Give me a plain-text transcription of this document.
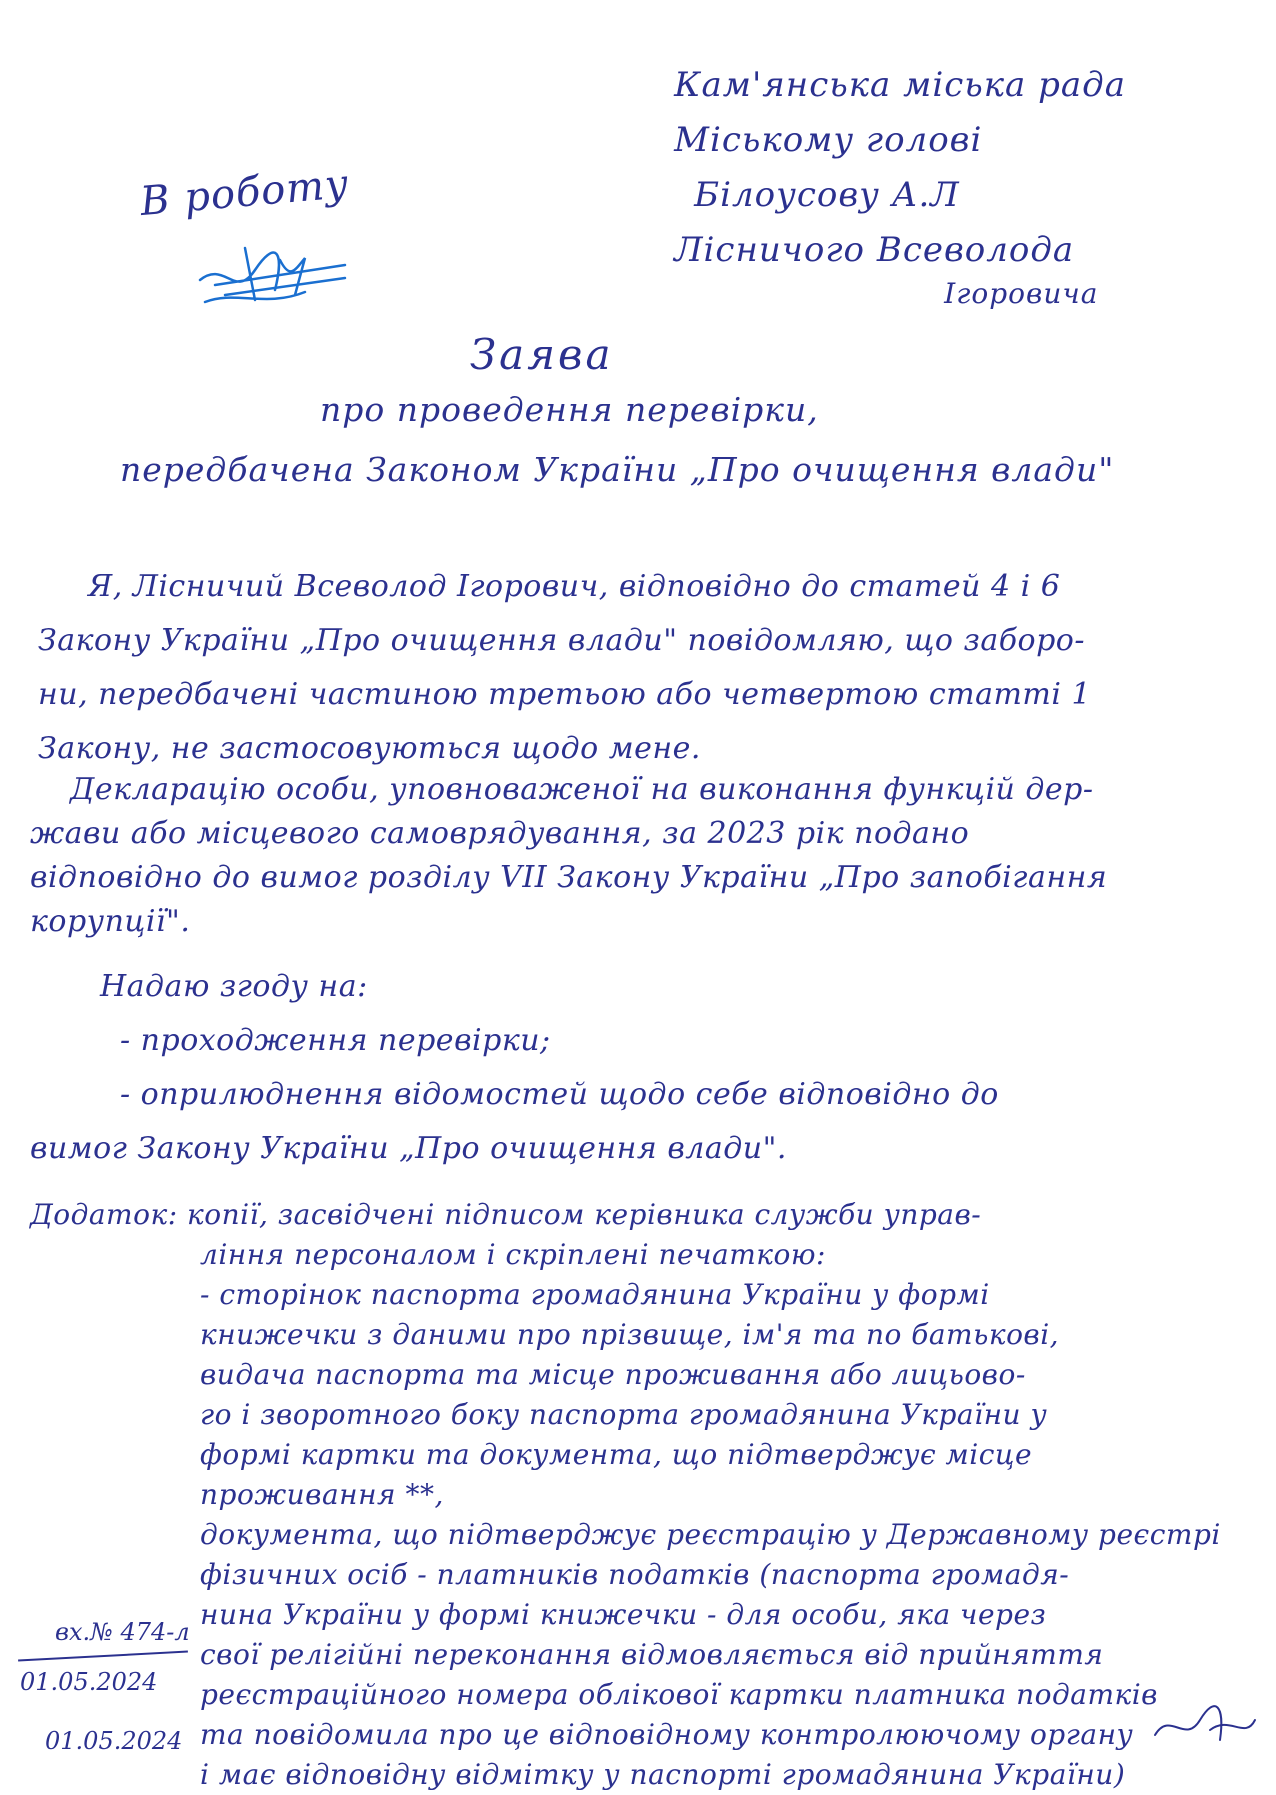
Кам'янська міська рада
Міському голові
Білоусову А.Л
Лісничого Всеволода
Ігоровича
В роботу
Заява
про проведення перевірки,
передбачена Законом України „Про очищення влади"
Я, Лісничий Всеволод Ігорович, відповідно до статей 4 і 6
Закону України „Про очищення влади" повідомляю, що заборо-
ни, передбачені частиною третьою або четвертою статті 1
Закону, не застосовуються щодо мене.
Декларацію особи, уповноваженої на виконання функцій дер-
жави або місцевого самоврядування, за 2023 рік подано
відповідно до вимог розділу VII Закону України „Про запобігання
корупції".
Надаю згоду на:
- проходження перевірки;
- оприлюднення відомостей щодо себе відповідно до
вимог Закону України „Про очищення влади".
Додаток: копії, засвідчені підписом керівника служби управ-
ління персоналом і скріплені печаткою:
- сторінок паспорта громадянина України у формі
книжечки з даними про прізвище, ім'я та по батькові,
видача паспорта та місце проживання або лицьово-
го і зворотного боку паспорта громадянина України у
формі картки та документа, що підтверджує місце
проживання **,
документа, що підтверджує реєстрацію у Державному реєстрі
фізичних осіб - платників податків (паспорта громадя-
нина України у формі книжечки - для особи, яка через
свої релігійні переконання відмовляється від прийняття
реєстраційного номера облікової картки платника податків
та повідомила про це відповідному контролюючому органу
і має відповідну відмітку у паспорті громадянина України)
вх.№ 474-л
01.05.2024
01.05.2024
